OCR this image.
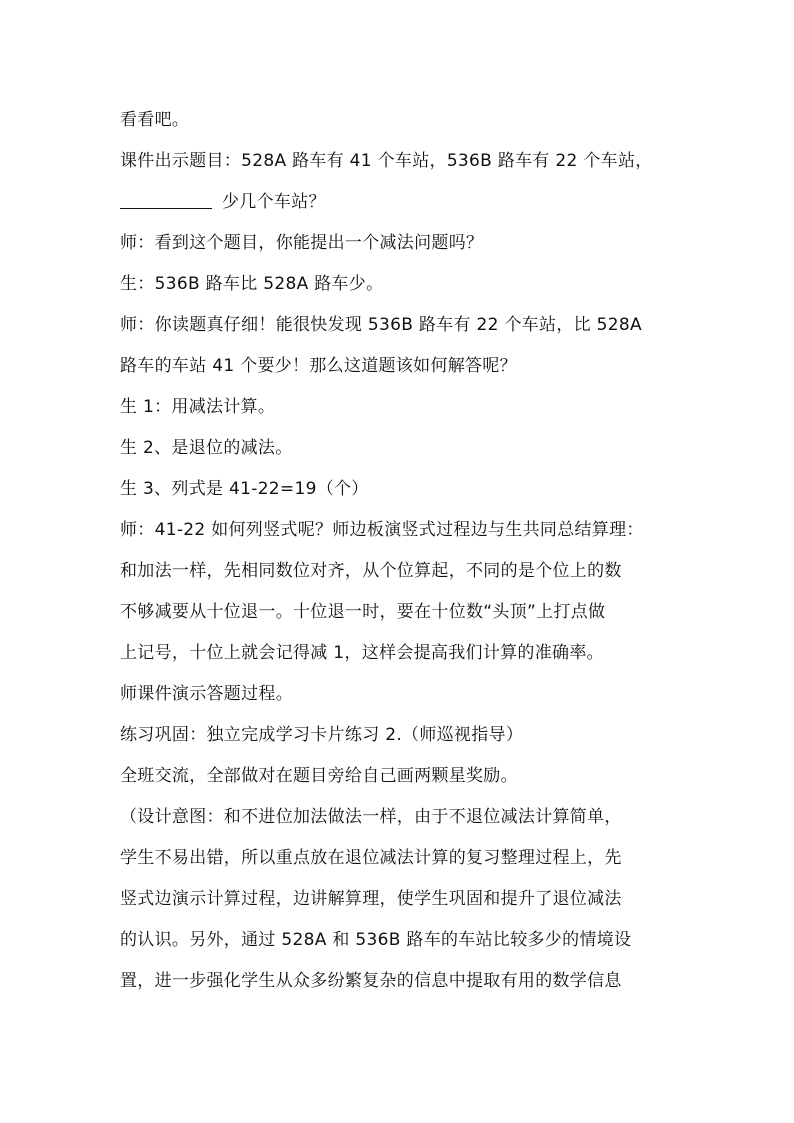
看看吧。
课件出示题目：528A 路车有 41 个车站，536B 路车有 22 个车站，
少几个车站？
师：看到这个题目，你能提出一个减法问题吗？
生：536B 路车比 528A 路车少。
师：你读题真仔细！能很快发现 536B 路车有 22 个车站，比 528A
路车的车站 41 个要少！那么这道题该如何解答呢？
生 1：用减法计算。
生 2、是退位的减法。
生 3、列式是 41-22=19（个）
师：41-22 如何列竖式呢？师边板演竖式过程边与生共同总结算理：
和加法一样，先相同数位对齐，从个位算起，不同的是个位上的数
不够减要从十位退一。十位退一时，要在十位数“头顶”上打点做
上记号，十位上就会记得减 1，这样会提高我们计算的准确率。
师课件演示答题过程。
练习巩固：独立完成学习卡片练习 2.（师巡视指导）
全班交流，全部做对在题目旁给自己画两颗星奖励。
（设计意图：和不进位加法做法一样，由于不退位减法计算简单，
学生不易出错，所以重点放在退位减法计算的复习整理过程上，先
竖式边演示计算过程，边讲解算理，使学生巩固和提升了退位减法
的认识。另外，通过 528A 和 536B 路车的车站比较多少的情境设
置，进一步强化学生从众多纷繁复杂的信息中提取有用的数学信息
